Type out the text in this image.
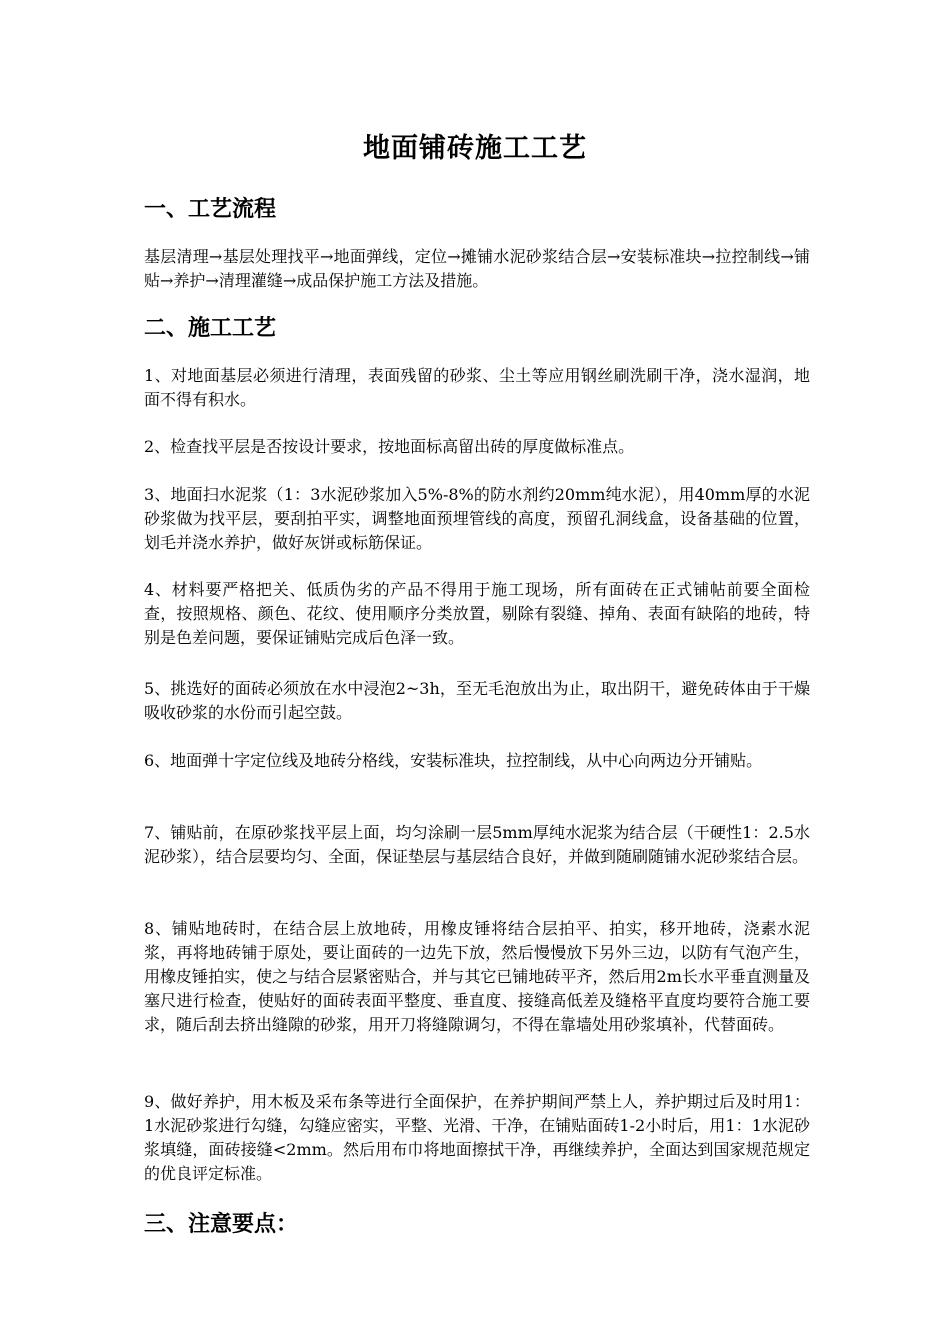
地面铺砖施工工艺
一、工艺流程

基层清理→基层处理找平→地面弹线，定位→摊铺水泥砂浆结合层→安装标准块→拉控制线→铺贴→养护→清理灌缝→成品保护施工方法及措施。

二、施工工艺

1、对地面基层必须进行清理，表面残留的砂浆、尘土等应用钢丝刷洗刷干净，浇水湿润，地面不得有积水。

2、检查找平层是否按设计要求，按地面标高留出砖的厚度做标准点。

3、地面扫水泥浆（1：3水泥砂浆加入5%-8%的防水剂约20mm纯水泥），用40mm厚的水泥砂浆做为找平层，要刮拍平实，调整地面预埋管线的高度，预留孔洞线盒，设备基础的位置，划毛并浇水养护，做好灰饼或标筋保证。

4、材料要严格把关、低质伪劣的产品不得用于施工现场，所有面砖在正式铺帖前要全面检查，按照规格、颜色、花纹、使用顺序分类放置，剔除有裂缝、掉角、表面有缺陷的地砖，特别是色差问题，要保证铺贴完成后色泽一致。

5、挑选好的面砖必须放在水中浸泡2~3h，至无毛泡放出为止，取出阴干，避免砖体由于干燥吸收砂浆的水份而引起空鼓。

6、地面弹十字定位线及地砖分格线，安装标准块，拉控制线，从中心向两边分开铺贴。

7、铺贴前，在原砂浆找平层上面，均匀涂刷一层5mm厚纯水泥浆为结合层（干硬性1：2.5水泥砂浆），结合层要均匀、全面，保证垫层与基层结合良好，并做到随刷随铺水泥砂浆结合层。

8、铺贴地砖时，在结合层上放地砖，用橡皮锤将结合层拍平、拍实，移开地砖，浇素水泥浆，再将地砖铺于原处，要让面砖的一边先下放，然后慢慢放下另外三边，以防有气泡产生，用橡皮锤拍实，使之与结合层紧密贴合，并与其它已铺地砖平齐，然后用2m长水平垂直测量及塞尺进行检查，使贴好的面砖表面平整度、垂直度、接缝高低差及缝格平直度均要符合施工要求，随后刮去挤出缝隙的砂浆，用开刀将缝隙调匀，不得在靠墙处用砂浆填补，代替面砖。

9、做好养护，用木板及采布条等进行全面保护，在养护期间严禁上人，养护期过后及时用1：1水泥砂浆进行勾缝，勾缝应密实，平整、光滑、干净，在铺贴面砖1-2小时后，用1：1水泥砂浆填缝，面砖接缝<2mm。然后用布巾将地面擦拭干净，再继续养护，全面达到国家规范规定的优良评定标准。

三、注意要点：
